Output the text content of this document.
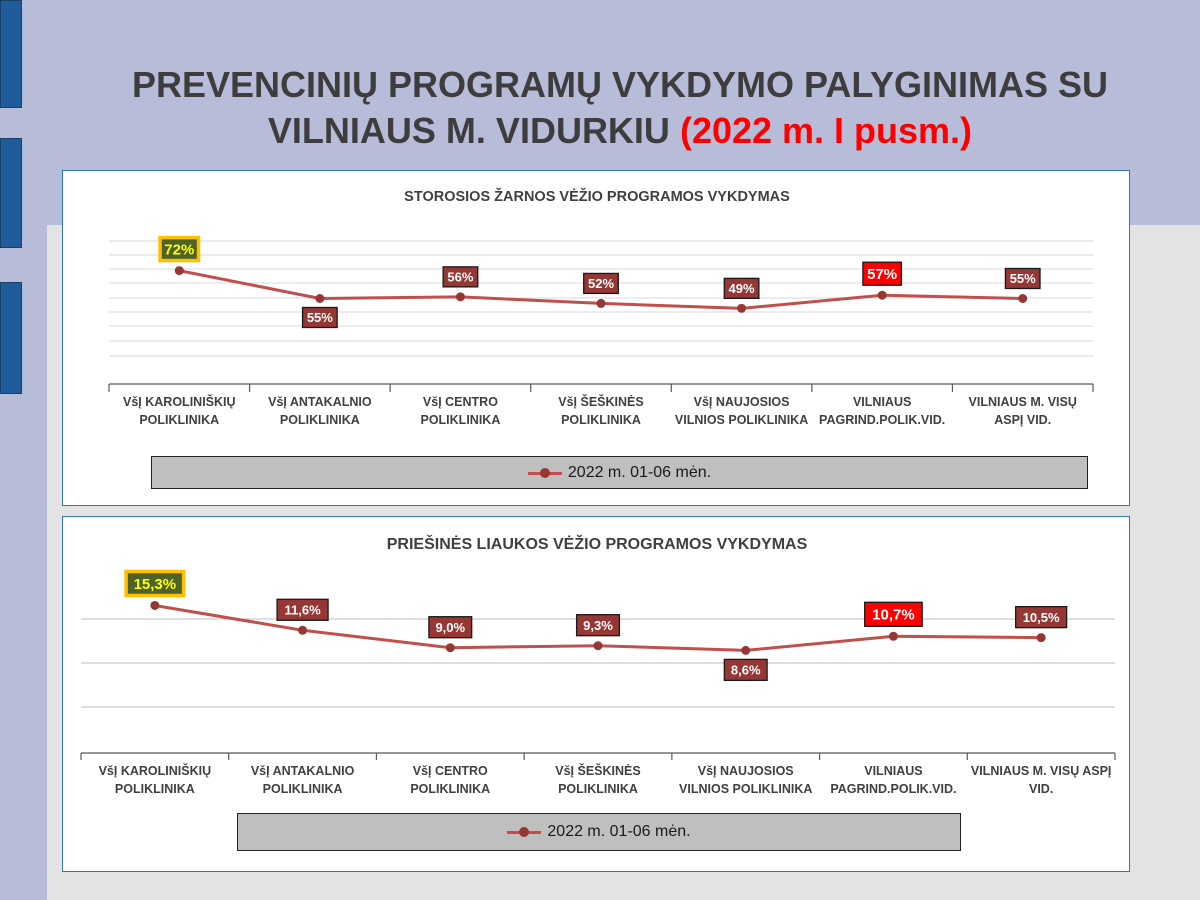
PREVENCINIŲ PROGRAMŲ VYKDYMO PALYGINIMAS SU
VILNIAUS M. VIDURKIU (2022 m. I pusm.)
STOROSIOS ŽARNOS VĖŽIO PROGRAMOS VYKDYMAS
VšĮ KAROLINIŠKIŲ POLIKLINIKA
VšĮ ANTAKALNIO POLIKLINIKA
VšĮ CENTRO POLIKLINIKA
VšĮ ŠEŠKINĖS POLIKLINIKA
VšĮ NAUJOSIOS VILNIOS POLIKLINIKA
VILNIAUS PAGRIND.POLIK.VID.
VILNIAUS M. VISŲ ASPĮ VID.
72%
55%
56%	52%	49%
57%	55%
2022 m. 01-06 mėn.
PRIEŠINĖS LIAUKOS VĖŽIO PROGRAMOS VYKDYMAS
VšĮ KAROLINIŠKIŲ POLIKLINIKA
VšĮ ANTAKALNIO POLIKLINIKA
VšĮ CENTRO POLIKLINIKA
VšĮ ŠEŠKINĖS POLIKLINIKA
VšĮ NAUJOSIOS VILNIOS POLIKLINIKA
VILNIAUS PAGRIND.POLIK.VID.
VILNIAUS M. VISŲ ASPĮ VID.
15,3%
11,6%
9,0%	9,3%
8,6%
10,7%	10,5%
2022 m. 01-06 mėn.
